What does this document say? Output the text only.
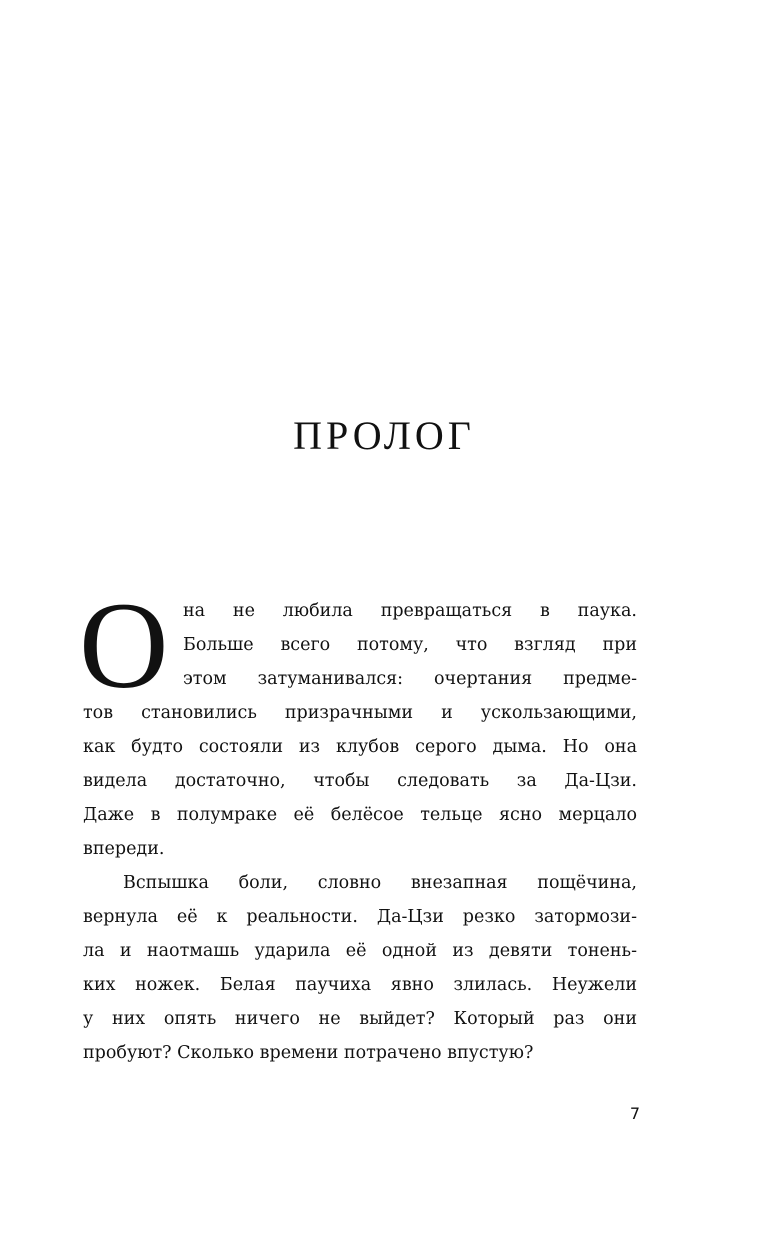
ПРОЛОГ
О на не любила превращаться в паука.
Больше всего потому, что взгляд при
этом затуманивался: очертания предме-
тов становились призрачными и ускользающими,
как будто состояли из клубов серого дыма. Но она
видела достаточно, чтобы следовать за Да-Цзи.
Даже в полумраке её белёсое тельце ясно мерцало
впереди.
Вспышка боли, словно внезапная пощёчина,
вернула её к реальности. Да-Цзи резко затормози-
ла и наотмашь ударила её одной из девяти тонень-
ких ножек. Белая паучиха явно злилась. Неужели
у них опять ничего не выйдет? Который раз они
пробуют? Сколько времени потрачено впустую?
7
